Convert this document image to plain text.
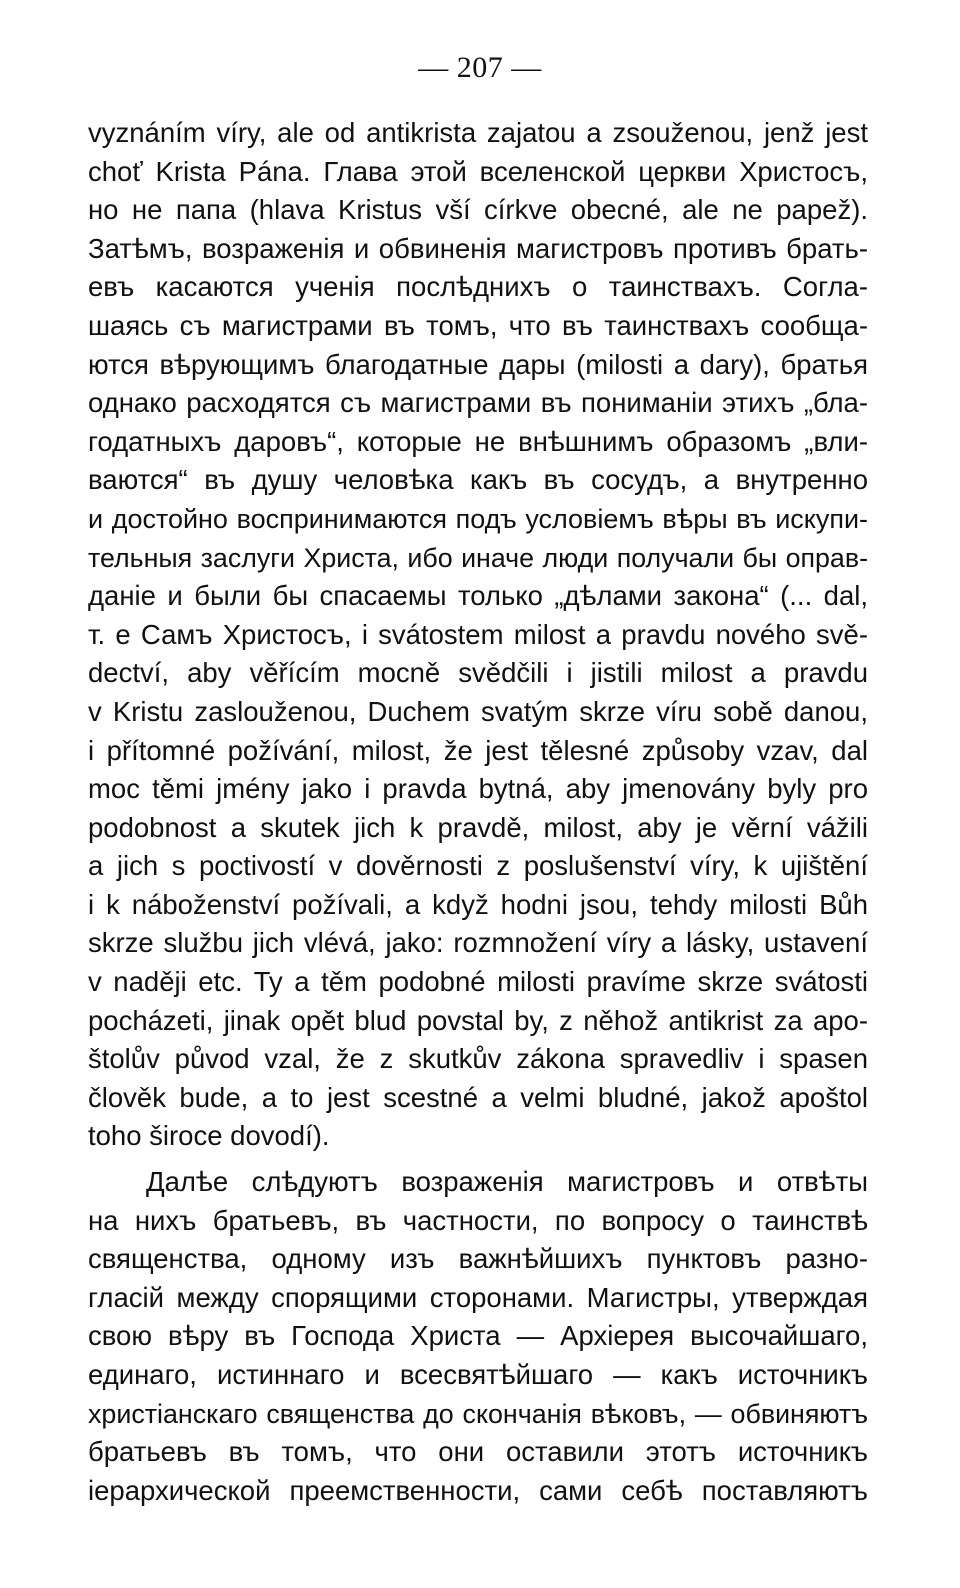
— 207 —
vyznáním víry, ale od antikrista zajatou a zsouženou, jenž jest
choť Krista Pána. Глава этой вселенской церкви Христосъ,
но не папа (hlava Kristus vší církve obecné, ale ne papež).
Затѣмъ, возраженія и обвиненія магистровъ противъ брать-
евъ касаются ученія послѣднихъ о таинствахъ. Согла-
шаясь съ магистрами въ томъ, что въ таинствахъ сообща-
ются вѣрующимъ благодатные дары (milosti a dary), братья
однако расходятся съ магистрами въ пониманіи этихъ „бла-
годатныхъ даровъ“, которые не внѣшнимъ образомъ „вли-
ваются“ въ душу человѣка какъ въ сосудъ, а внутренно
и достойно воспринимаются подъ условіемъ вѣры въ искупи-
тельныя заслуги Христа, ибо иначе люди получали бы оправ-
даніе и были бы спасаемы только „дѣлами закона“ (... dal,
т. е Самъ Христосъ, i svátostem milost a pravdu nového svě-
dectví, aby věřícím mocně svědčili i jistili milost a pravdu
v Kristu zaslouženou, Duchem svatým skrze víru sobě danou,
i přítomné požívání, milost, že jest tělesné způsoby vzav, dal
moc těmi jmény jako i pravda bytná, aby jmenovány byly pro
podobnost a skutek jich k pravdě, milost, aby je věrní vážili
a jich s poctivostí v dověrnosti z poslušenství víry, k ujištění
i k náboženství požívali, a když hodni jsou, tehdy milosti Bůh
skrze službu jich vlévá, jako: rozmnožení víry a lásky, ustavení
v naději etc. Ty a těm podobné milosti pravíme skrze svátosti
pocházeti, jinak opět blud povstal by, z něhož antikrist za apo-
štolův původ vzal, že z skutkův zákona spravedliv i spasen
člověk bude, a to jest scestné a velmi bludné, jakož apoštol
toho široce dovodí).
Далѣе слѣдуютъ возраженія магистровъ и отвѣты
на нихъ братьевъ, въ частности, по вопросу о таинствѣ
священства, одному изъ важнѣйшихъ пунктовъ разно-
гласій между спорящими сторонами. Магистры, утверждая
свою вѣру въ Господа Христа — Архіерея высочайшаго,
единаго, истиннаго и всесвятѣйшаго — какъ источникъ
христіанскаго священства до скончанія вѣковъ, — обвиняютъ
братьевъ въ томъ, что они оставили этотъ источникъ
іерархической преемственности, сами себѣ поставляютъ
